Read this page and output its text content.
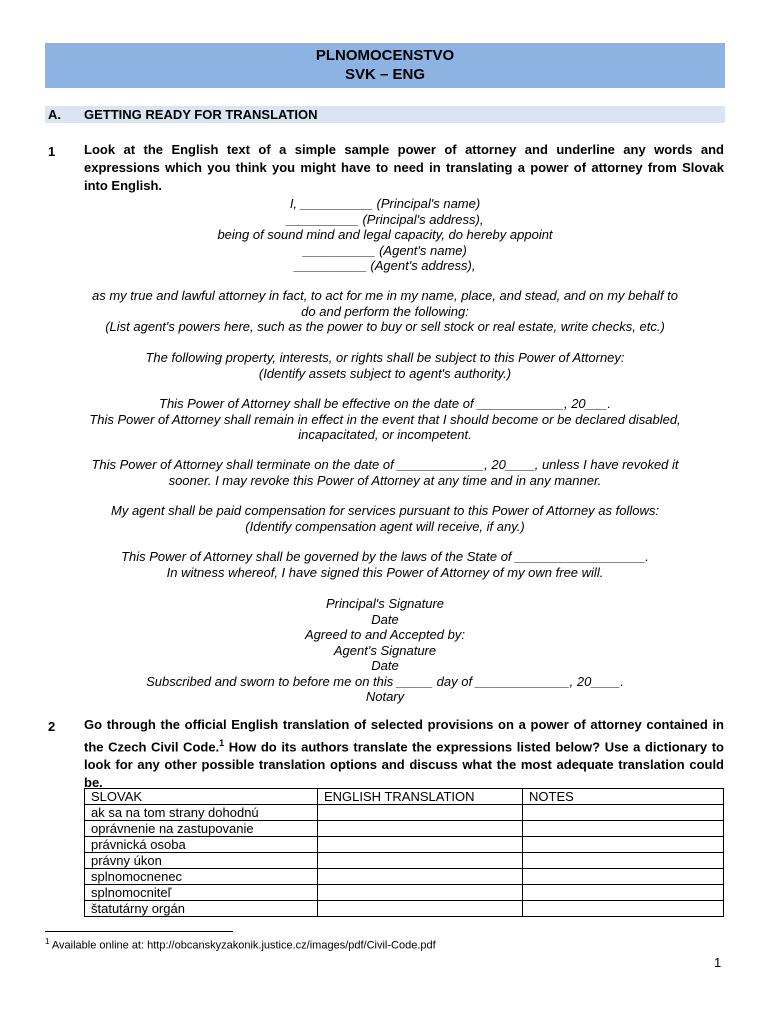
PLNOMOCENSTVO
SVK – ENG
A. GETTING READY FOR TRANSLATION
1 Look at the English text of a simple sample power of attorney and underline any words and expressions which you think you might have to need in translating a power of attorney from Slovak into English.
I, __________ (Principal's name)
__________ (Principal's address),
being of sound mind and legal capacity, do hereby appoint
__________ (Agent's name)
__________ (Agent's address),
as my true and lawful attorney in fact, to act for me in my name, place, and stead, and on my behalf to
do and perform the following:
(List agent's powers here, such as the power to buy or sell stock or real estate, write checks, etc.)
The following property, interests, or rights shall be subject to this Power of Attorney:
(Identify assets subject to agent's authority.)
This Power of Attorney shall be effective on the date of ____________, 20___.
This Power of Attorney shall remain in effect in the event that I should become or be declared disabled,
incapacitated, or incompetent.
This Power of Attorney shall terminate on the date of ____________, 20____, unless I have revoked it
sooner. I may revoke this Power of Attorney at any time and in any manner.
My agent shall be paid compensation for services pursuant to this Power of Attorney as follows:
(Identify compensation agent will receive, if any.)
This Power of Attorney shall be governed by the laws of the State of __________________.
In witness whereof, I have signed this Power of Attorney of my own free will.
Principal's Signature
Date
Agreed to and Accepted by:
Agent's Signature
Date
Subscribed and sworn to before me on this _____ day of _____________, 20____.
Notary
2 Go through the official English translation of selected provisions on a power of attorney contained in the Czech Civil Code.$^1$ How do its authors translate the expressions listed below? Use a dictionary to look for any other possible translation options and discuss what the most adequate translation could be.
SLOVAK	ENGLISH TRANSLATION	NOTES
ak sa na tom strany dohodnú		
oprávnenie na zastupovanie		
právnická osoba		
právny úkon		
splnomocnenec		
splnomocniteľ		
štatutárny orgán		
$^1$ Available online at: http://obcanskyzakonik.justice.cz/images/pdf/Civil-Code.pdf
1
